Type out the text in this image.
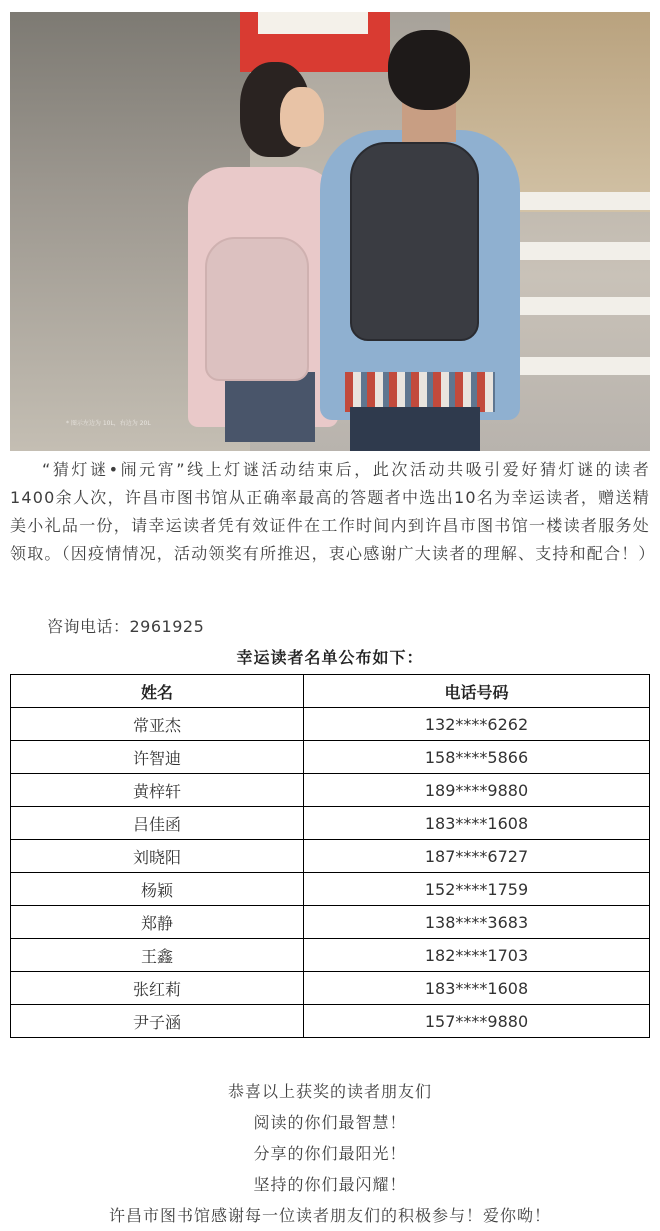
* 图示左边为 10L，右边为 20L

“猜灯谜•闹元宵”线上灯谜活动结束后，此次活动共吸引爱好猜灯谜的读者1400余人次，许昌市图书馆从正确率最高的答题者中选出10名为幸运读者，赠送精美小礼品一份，请幸运读者凭有效证件在工作时间内到许昌市图书馆一楼读者服务处领取。（因疫情情况，活动领奖有所推迟，衷心感谢广大读者的理解、支持和配合！）

咨询电话：2961925
幸运读者名单公布如下：
姓名	电话号码
常亚杰	132****6262
许智迪	158****5866
黄梓轩	189****9880
吕佳函	183****1608
刘晓阳	187****6727
杨颖	152****1759
郑静	138****3683
王鑫	182****1703
张红莉	183****1608
尹子涵	157****9880
恭喜以上获奖的读者朋友们
阅读的你们最智慧！
分享的你们最阳光！
坚持的你们最闪耀！
许昌市图书馆感谢每一位读者朋友们的积极参与！爱你呦！
